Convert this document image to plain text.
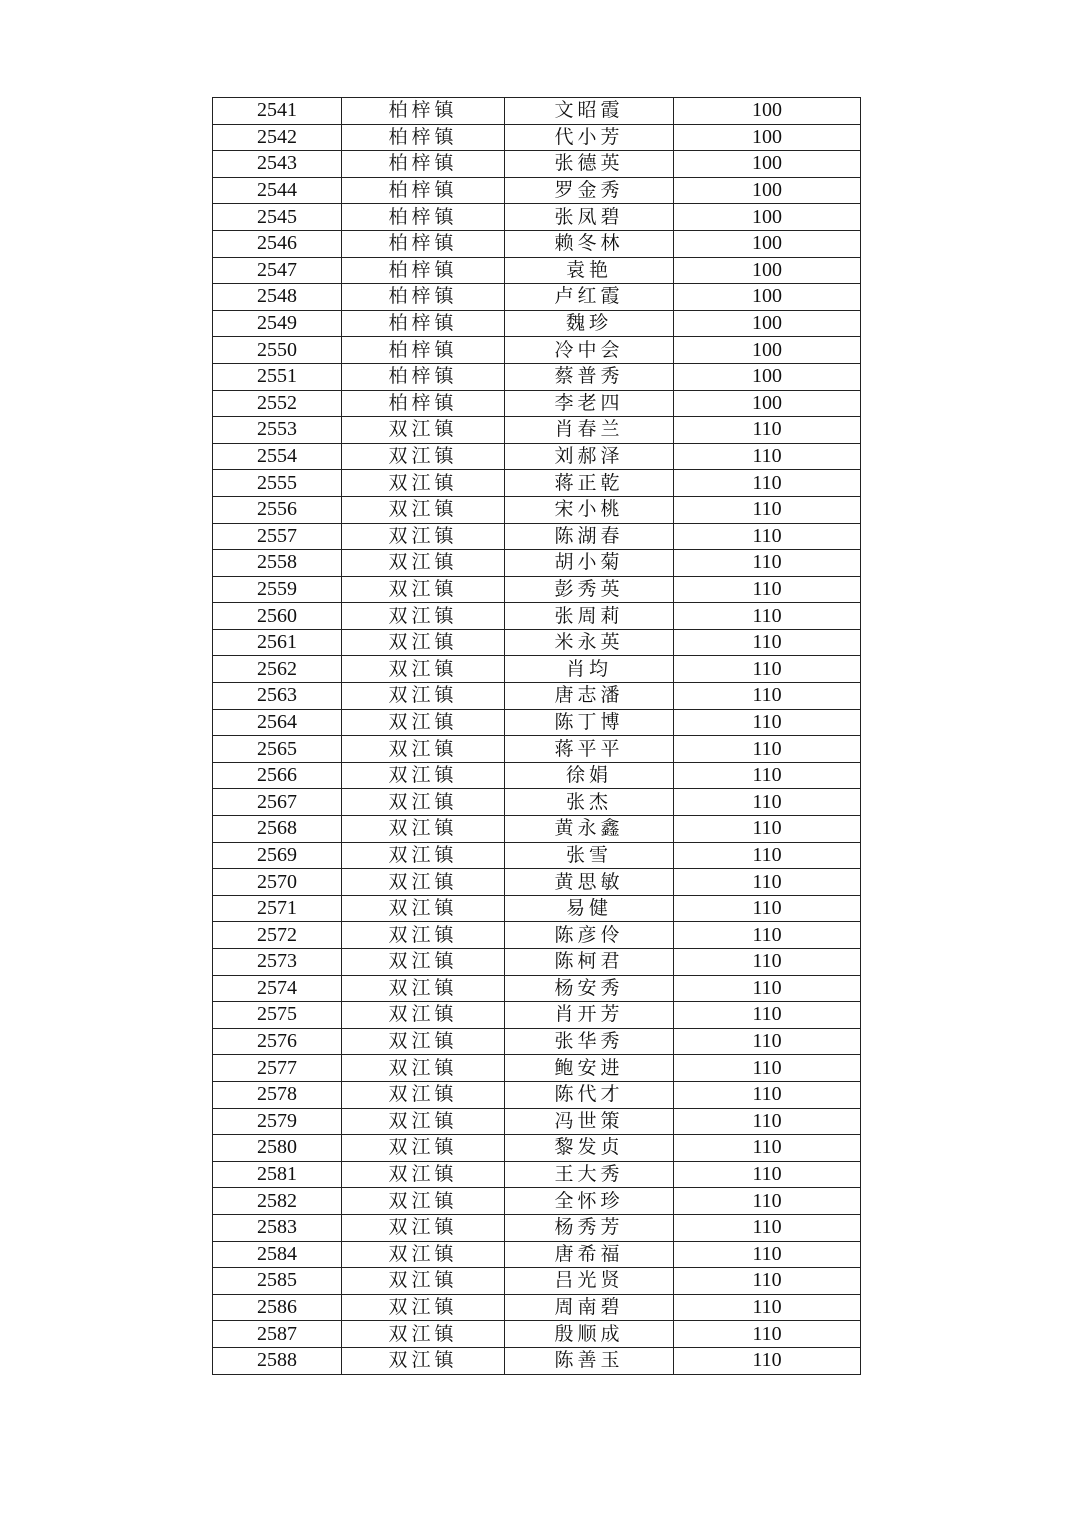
2541	柏梓镇	文昭霞	100
2542	柏梓镇	代小芳	100
2543	柏梓镇	张德英	100
2544	柏梓镇	罗金秀	100
2545	柏梓镇	张凤碧	100
2546	柏梓镇	赖冬林	100
2547	柏梓镇	袁艳	100
2548	柏梓镇	卢红霞	100
2549	柏梓镇	魏珍	100
2550	柏梓镇	冷中会	100
2551	柏梓镇	蔡普秀	100
2552	柏梓镇	李老四	100
2553	双江镇	肖春兰	110
2554	双江镇	刘郝泽	110
2555	双江镇	蒋正乾	110
2556	双江镇	宋小桃	110
2557	双江镇	陈湖春	110
2558	双江镇	胡小菊	110
2559	双江镇	彭秀英	110
2560	双江镇	张周莉	110
2561	双江镇	米永英	110
2562	双江镇	肖均	110
2563	双江镇	唐志潘	110
2564	双江镇	陈丁博	110
2565	双江镇	蒋平平	110
2566	双江镇	徐娟	110
2567	双江镇	张杰	110
2568	双江镇	黄永鑫	110
2569	双江镇	张雪	110
2570	双江镇	黄思敏	110
2571	双江镇	易健	110
2572	双江镇	陈彦伶	110
2573	双江镇	陈柯君	110
2574	双江镇	杨安秀	110
2575	双江镇	肖开芳	110
2576	双江镇	张华秀	110
2577	双江镇	鲍安进	110
2578	双江镇	陈代才	110
2579	双江镇	冯世策	110
2580	双江镇	黎发贞	110
2581	双江镇	王大秀	110
2582	双江镇	全怀珍	110
2583	双江镇	杨秀芳	110
2584	双江镇	唐希福	110
2585	双江镇	吕光贤	110
2586	双江镇	周南碧	110
2587	双江镇	殷顺成	110
2588	双江镇	陈善玉	110
